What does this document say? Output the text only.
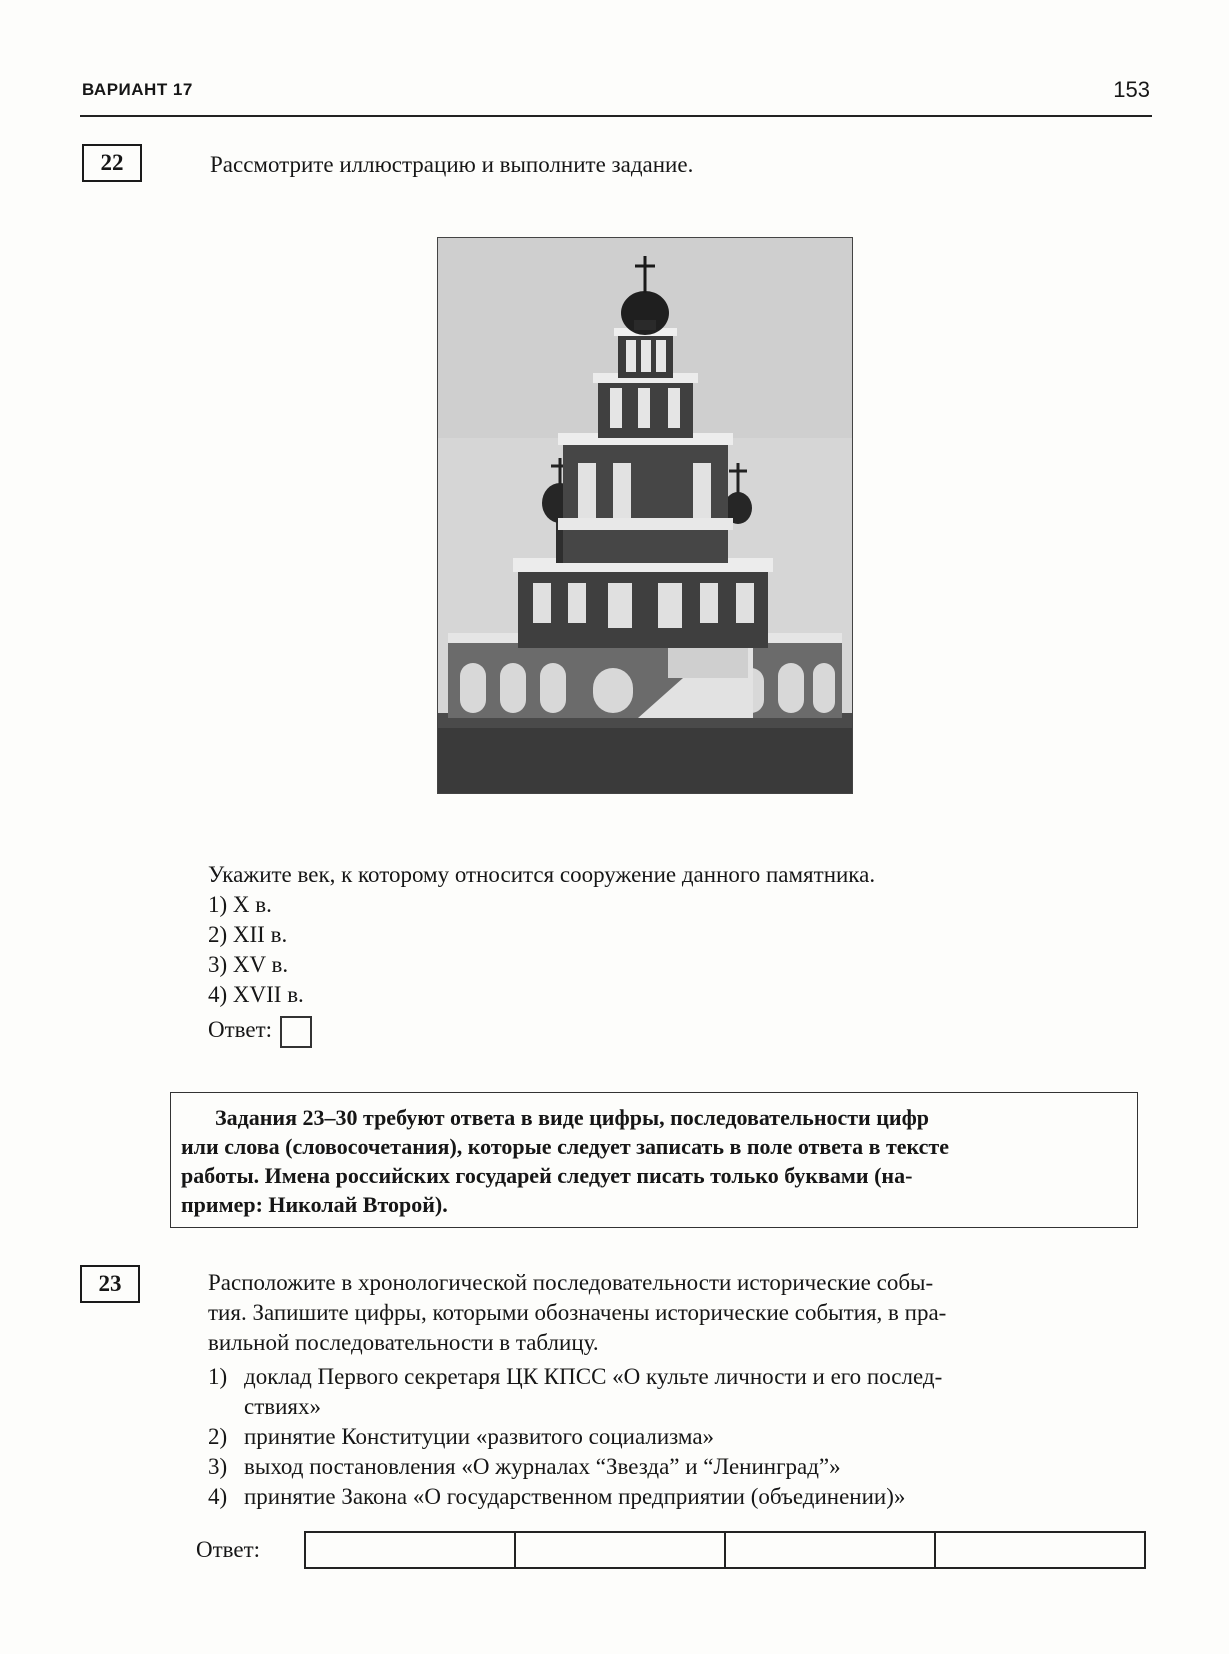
ВАРИАНТ 17	153
22	Рассмотрите иллюстрацию и выполните задание.
Укажите век, к которому относится сооружение данного памятника.
1) X в.
2) XII в.
3) XV в.
4) XVII в.
Ответ:
Задания 23–30 требуют ответа в виде цифры, последовательности цифр
или слова (словосочетания), которые следует записать в поле ответа в тексте
работы. Имена российских государей следует писать только буквами (на-
пример: Николай Второй).
23	Расположите в хронологической последовательности исторические собы-
тия. Запишите цифры, которыми обозначены исторические события, в пра-
вильной последовательности в таблицу.
1) доклад Первого секретаря ЦК КПСС «О культе личности и его послед-
ствиях»
2) принятие Конституции «развитого социализма»
3) выход постановления «О журналах “Звезда” и “Ленинград”»
4) принятие Закона «О государственном предприятии (объединении)»
Ответ:
